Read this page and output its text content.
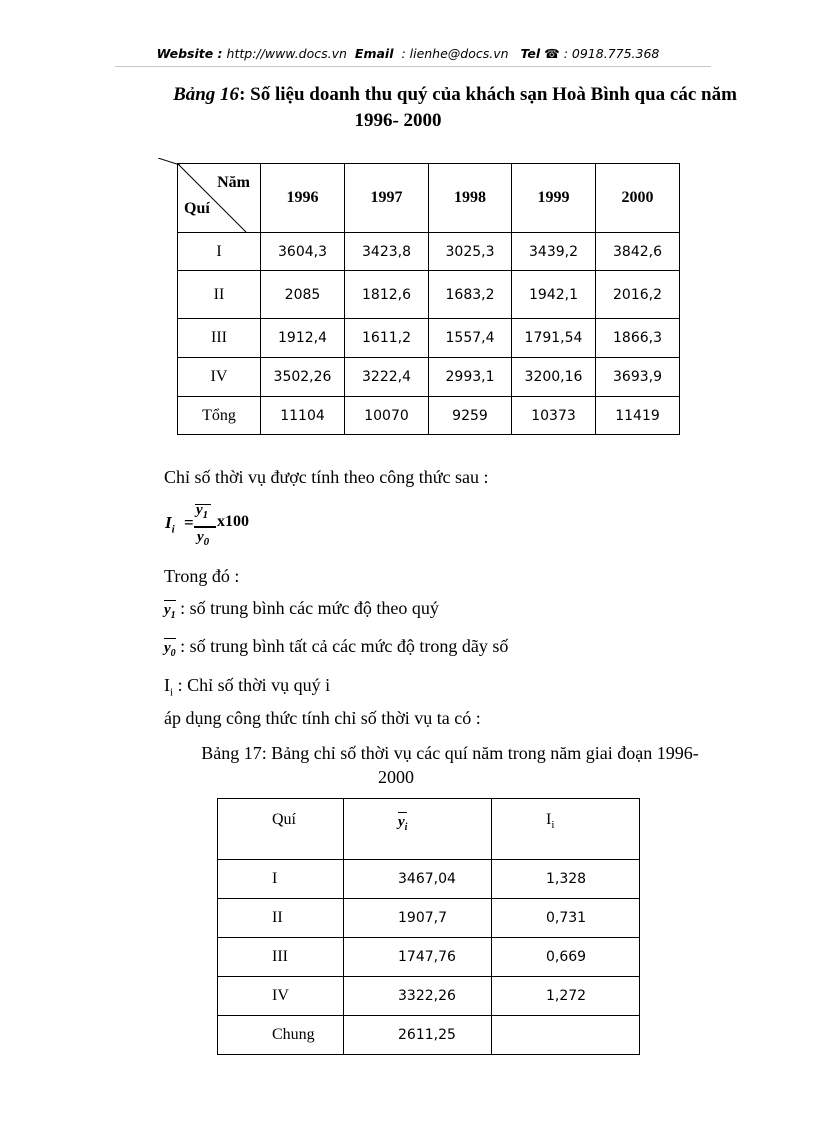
Website : http://www.docs.vn Email : lienhe@docs.vn Tel ☎ : 0918.775.368
Bảng 16: Số liệu doanh thu quý của khách sạn Hoà Bình qua các năm
1996- 2000
Năm
Quí	1996	1997	1998	1999	2000
I	3604,3	3423,8	3025,3	3439,2	3842,6
II	2085	1812,6	1683,2	1942,1	2016,2
III	1912,4	1611,2	1557,4	1791,54	1866,3
IV	3502,26	3222,4	2993,1	3200,16	3693,9
Tổng	11104	10070	9259	10373	11419
Chỉ số thời vụ được tính theo công thức sau :
$I_i$ =
$y_1$
$y_0$
x100
Trong đó :
$y_1$ : số trung bình các mức độ theo quý
$y_0$ : số trung bình tất cả các mức độ trong dãy số
$I_i$ : Chỉ số thời vụ quý i
áp dụng công thức tính chỉ số thời vụ ta có :
Bảng 17: Bảng chỉ số thời vụ các quí năm trong năm giai đoạn 1996-
2000
Quí	$y_i$	$I_i$
I	3467,04	1,328
II	1907,7	0,731
III	1747,76	0,669
IV	3322,26	1,272
Chung	2611,25	
